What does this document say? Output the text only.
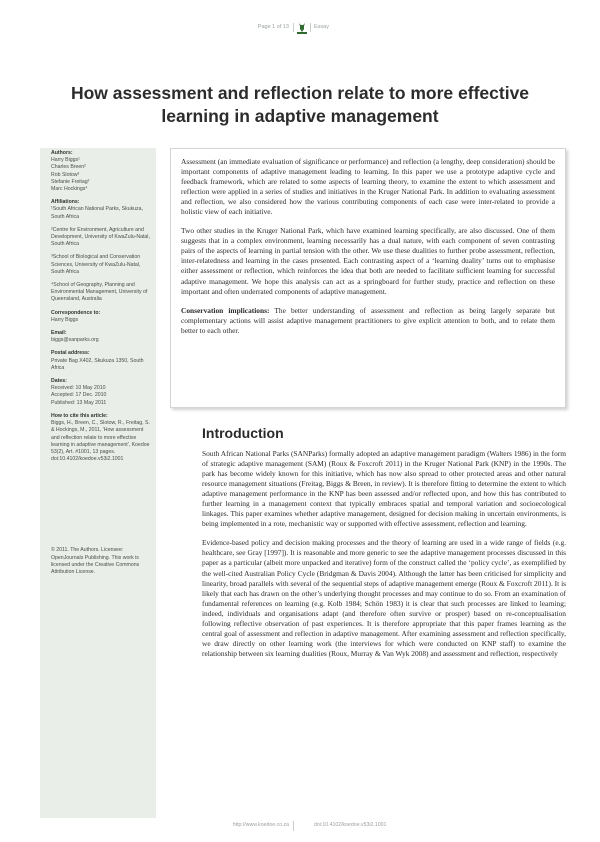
Page 1 of 13	Essay
How assessment and reflection relate to more effective learning in adaptive management

Authors:

Harry Biggs¹

Charles Breen²

Rob Slotow³

Stefanie Freitag²

Marc Hockings⁴

Affiliations:

¹South African National Parks, Skukuza, South Africa

²Centre for Environment, Agriculture and Development, University of KwaZulu-Natal, South Africa

³School of Biological and Conservation Sciences, University of KwaZulu-Natal, South Africa

⁴School of Geography, Planning and Environmental Management, University of Queensland, Australia

Correspondence to:

Harry Biggs

Email:

biggs@sanparks.org

Postal address:

Private Bag X402, Skukuza 1350, South Africa

Dates:

Received: 10 May 2010

Accepted: 17 Dec. 2010

Published: 13 May 2011

How to cite this article:

Biggs, H., Breen, C., Slotow, R., Freitag, S. & Hockings, M., 2011, 'How assessment and reflection relate to more effective learning in adaptive management', Koedoe 53(2), Art. #1001, 13 pages. doi:10.4102/koedoe.v53i2.1001

© 2011. The Authors. Licensee: OpenJournals Publishing. This work is licensed under the Creative Commons Attribution License.

Assessment (an immediate evaluation of significance or performance) and reflection (a lengthy, deep consideration) should be important components of adaptive management leading to learning. In this paper we use a prototype adaptive cycle and feedback framework, which are related to some aspects of learning theory, to examine the extent to which assessment and reflection were applied in a series of studies and initiatives in the Kruger National Park. In addition to evaluating assessment and reflection, we also considered how the various contributing components of each case were inter-related to provide a holistic view of each initiative.

Two other studies in the Kruger National Park, which have examined learning specifically, are also discussed. One of them suggests that in a complex environment, learning necessarily has a dual nature, with each component of seven contrasting pairs of the aspects of learning in partial tension with the other. We use these dualities to further probe assessment, reflection, inter-relatedness and learning in the cases presented. Each contrasting aspect of a ‘learning duality’ turns out to emphasise either assessment or reflection, which reinforces the idea that both are needed to facilitate sufficient learning for successful adaptive management. We hope this analysis can act as a springboard for further study, practice and reflection on these important and often underrated components of adaptive management.

Conservation implications: The better understanding of assessment and reflection as being largely separate but complementary actions will assist adaptive management practitioners to give explicit attention to both, and to relate them better to each other.

Introduction

South African National Parks (SANParks) formally adopted an adaptive management paradigm (Walters 1986) in the form of strategic adaptive management (SAM) (Roux & Foxcroft 2011) in the Kruger National Park (KNP) in the 1990s. The park has become widely known for this initiative, which has now also spread to other protected areas and other natural resource management situations (Freitag, Biggs & Breen, in review). It is therefore fitting to determine the extent to which adaptive management performance in the KNP has been assessed and/or reflected upon, and how this has contributed to further learning in a management context that typically embraces spatial and temporal variation and socioecological linkages. This paper examines whether adaptive management, designed for decision making in uncertain environments, is being implemented in a rote, mechanistic way or supported with effective assessment, reflection and learning.

Evidence-based policy and decision making processes and the theory of learning are used in a wide range of fields (e.g. healthcare, see Gray [1997]). It is reasonable and more generic to see the adaptive management processes discussed in this paper as a particular (albeit more unpacked and iterative) form of the construct called the ‘policy cycle’, as exemplified by the well-cited Australian Policy Cycle (Bridgman & Davis 2004). Although the latter has been criticised for simplicity and linearity, broad parallels with several of the sequential steps of adaptive management emerge (Roux & Foxcroft 2011). It is likely that each has drawn on the other’s underlying thought processes and may continue to do so. From an examination of fundamental references on learning (e.g. Kolb 1984; Schön 1983) it is clear that such processes are linked to learning; indeed, individuals and organisations adapt (and therefore often survive or prosper) based on re-conceptualisation following reflective observation of past experiences. It is therefore appropriate that this paper frames learning as the central goal of assessment and reflection in adaptive management. After examining assessment and reflection specifically, we draw directly on other learning work (the interviews for which were conducted on KNP staff) to examine the relationship between six learning dualities (Roux, Murray & Van Wyk 2008) and assessment and reflection, respectively

http://www.koedoe.co.za	doi:10.4102/koedoe.v53i2.1001
